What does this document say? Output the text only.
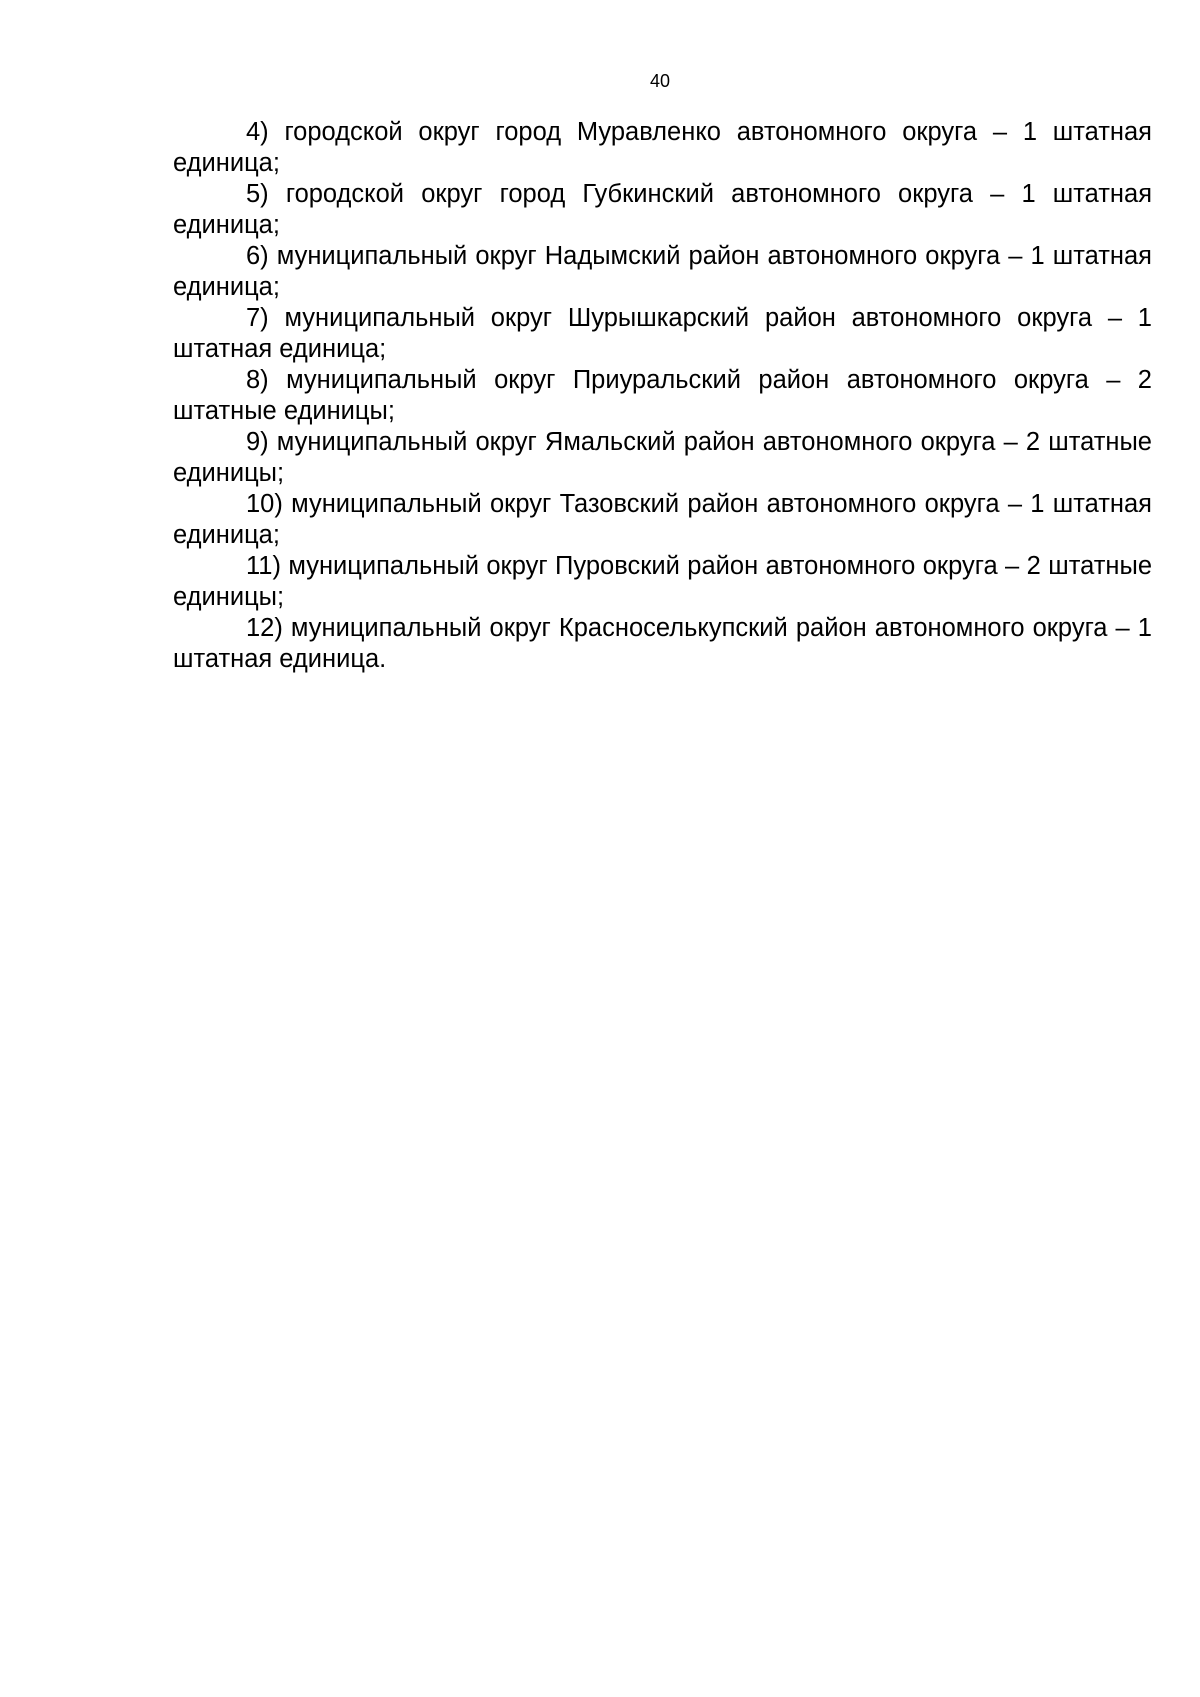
40

4) городской округ город Муравленко автономного округа – 1 штатная единица;

5) городской округ город Губкинский автономного округа – 1 штатная единица;

6) муниципальный округ Надымский район автономного округа – 1 штатная единица;

7) муниципальный округ Шурышкарский район автономного округа – 1 штатная единица;

8) муниципальный округ Приуральский район автономного округа – 2 штатные единицы;

9) муниципальный округ Ямальский район автономного округа – 2 штатные единицы;

10) муниципальный округ Тазовский район автономного округа – 1 штатная единица;

11) муниципальный округ Пуровский район автономного округа – 2 штатные единицы;

12) муниципальный округ Красноселькупский район автономного округа – 1 штатная единица.
